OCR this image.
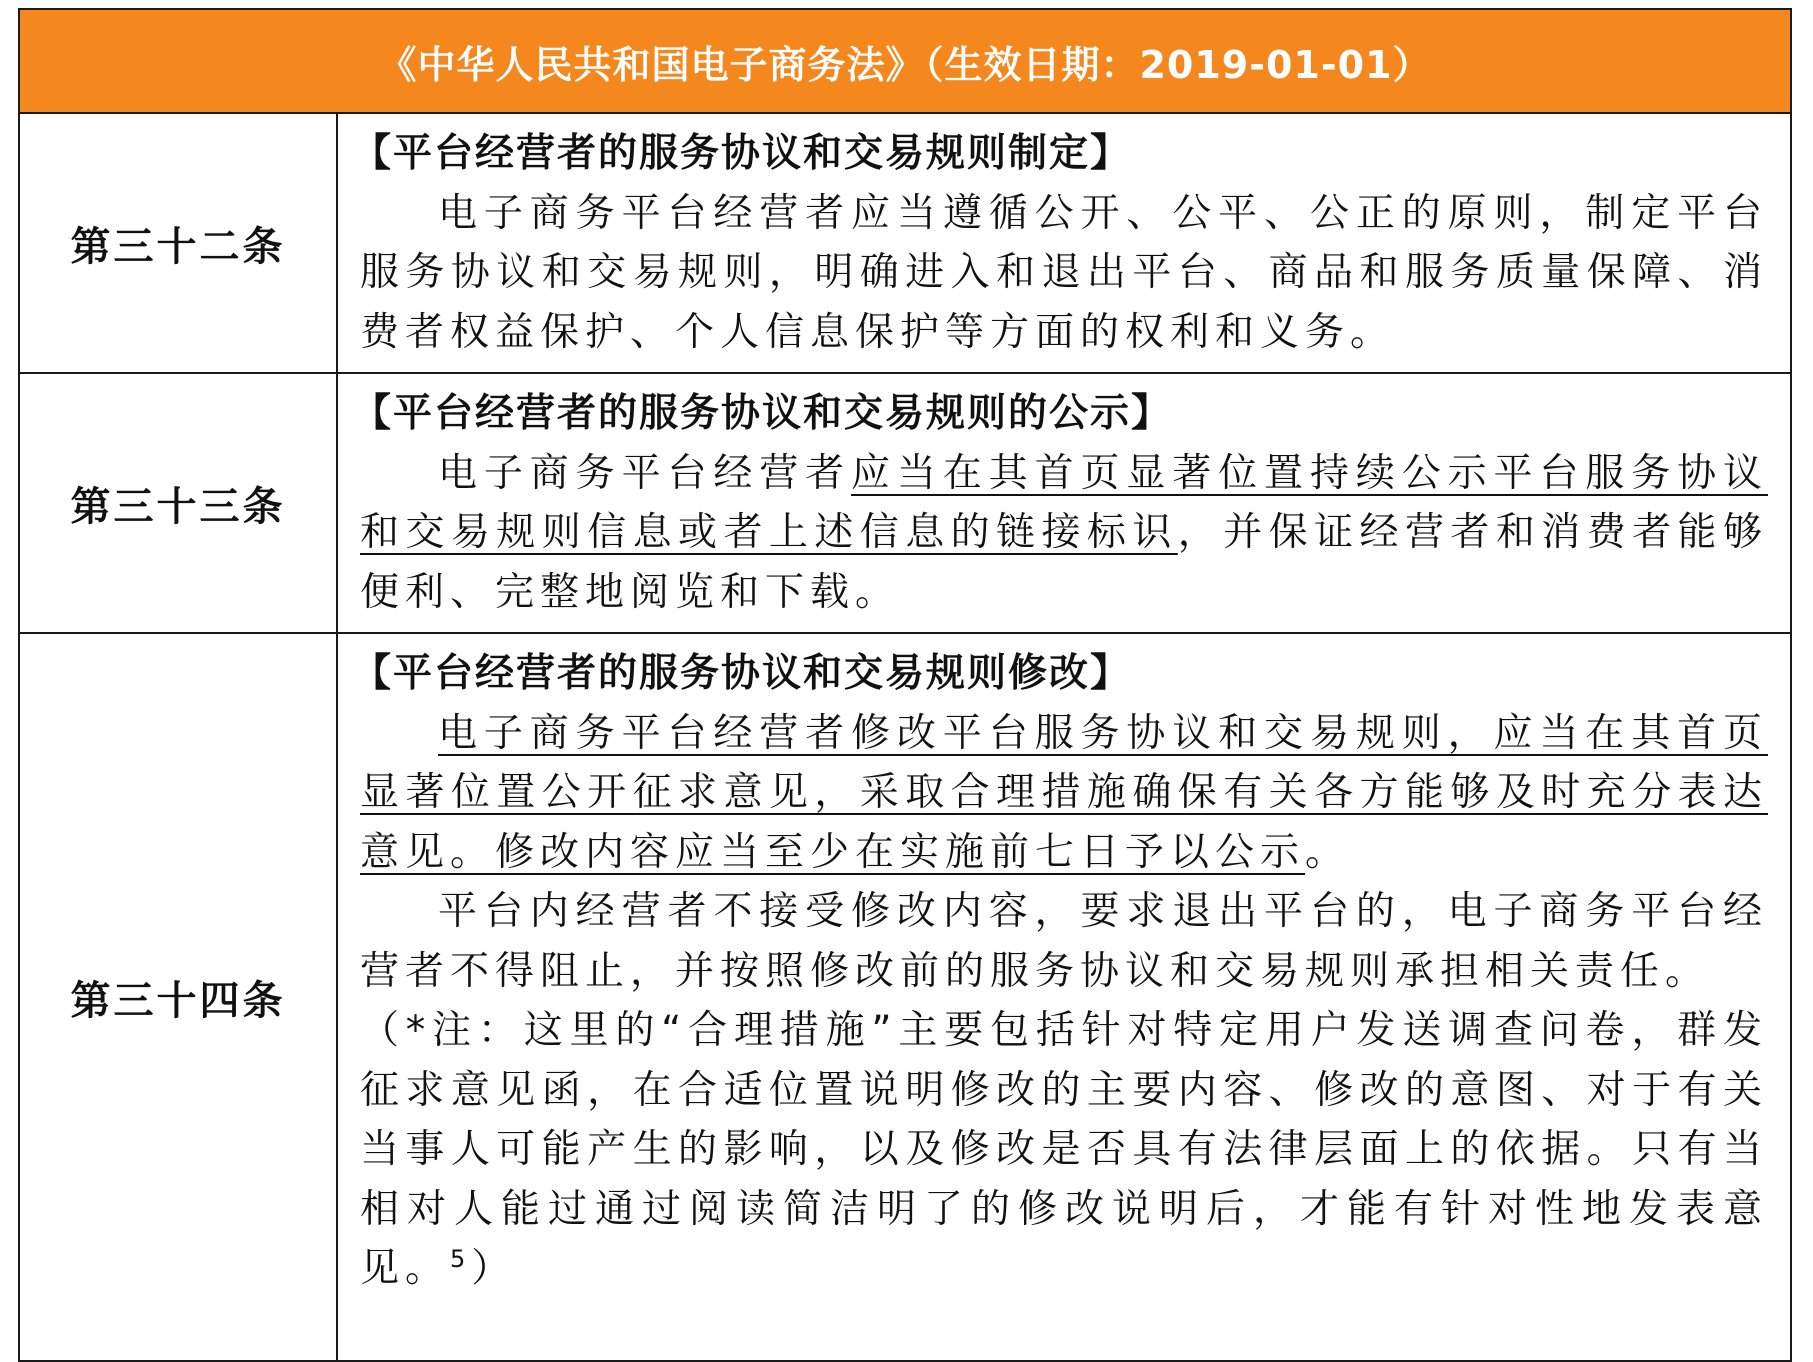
《中华人民共和国电子商务法》（生效日期：2019-01-01）	
第三十二条	【平台经营者的服务协议和交易规则制定】

电子商务平台经营者应当遵循公开、公平、公正的原则，制定平台服务协议和交易规则，明确进入和退出平台、商品和服务质量保障、消费者权益保护、个人信息保护等方面的权利和义务。

第三十三条	【平台经营者的服务协议和交易规则的公示】

电子商务平台经营者应当在其首页显著位置持续公示平台服务协议和交易规则信息或者上述信息的链接标识，并保证经营者和消费者能够便利、完整地阅览和下载。

第三十四条	【平台经营者的服务协议和交易规则修改】

电子商务平台经营者修改平台服务协议和交易规则，应当在其首页显著位置公开征求意见，采取合理措施确保有关各方能够及时充分表达意见。修改内容应当至少在实施前七日予以公示。

平台内经营者不接受修改内容，要求退出平台的，电子商务平台经营者不得阻止，并按照修改前的服务协议和交易规则承担相关责任。

（*注：这里的“合理措施”主要包括针对特定用户发送调查问卷，群发征求意见函，在合适位置说明修改的主要内容、修改的意图、对于有关当事人可能产生的影响，以及修改是否具有法律层面上的依据。只有当相对人能过通过阅读简洁明了的修改说明后，才能有针对性地发表意见。$^5$）
